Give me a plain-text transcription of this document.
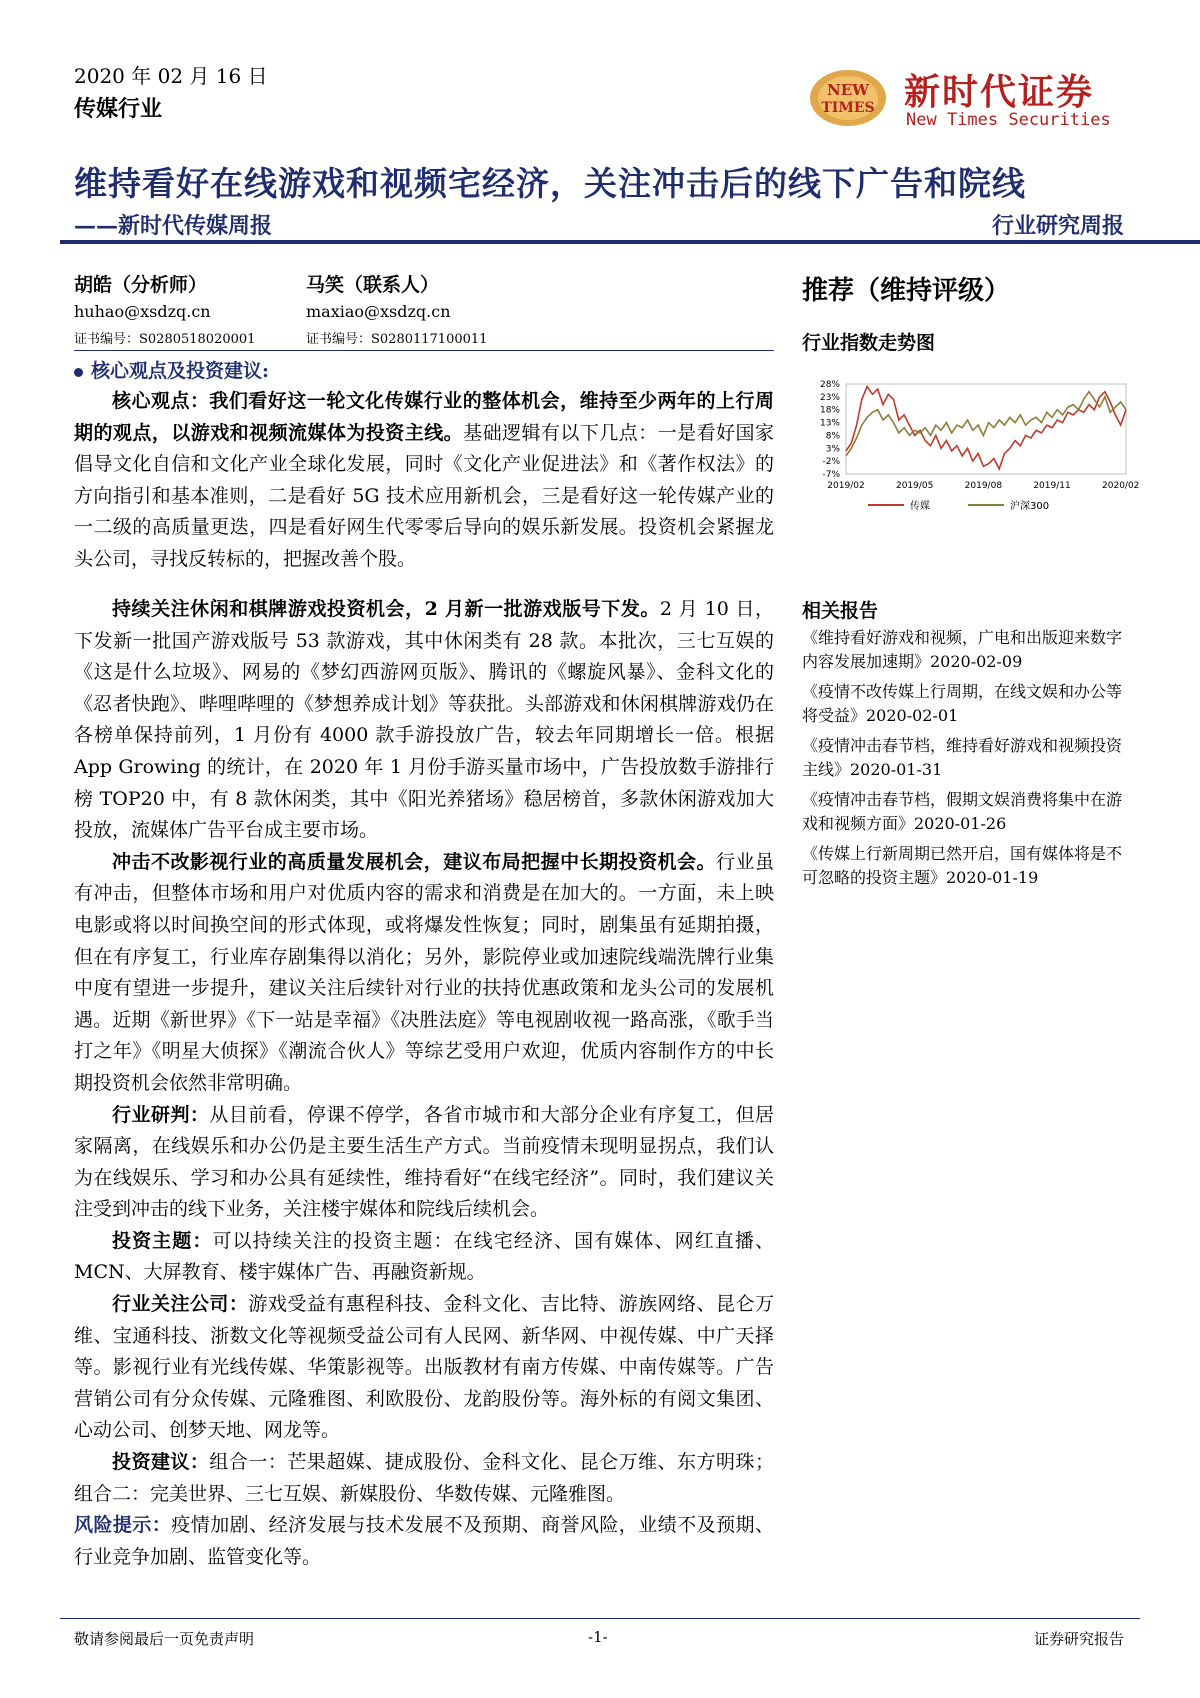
2020 年 02 月 16 日
传媒行业
NEW
TIMES 新时代证券
New Times Securities
维持看好在线游戏和视频宅经济，关注冲击后的线下广告和院线
——新时代传媒周报	行业研究周报
胡皓（分析师）
huhao@xsdzq.cn
证书编号：S0280518020001
马笑（联系人）
maxiao@xsdzq.cn
证书编号：S0280117100011
核心观点及投资建议:

核心观点：我们看好这一轮文化传媒行业的整体机会，维持至少两年的上行周期的观点，以游戏和视频流媒体为投资主线。基础逻辑有以下几点：一是看好国家倡导文化自信和文化产业全球化发展，同时《文化产业促进法》和《著作权法》的方向指引和基本准则，二是看好 5G 技术应用新机会，三是看好这一轮传媒产业的一二级的高质量更迭，四是看好网生代零零后导向的娱乐新发展。投资机会紧握龙头公司，寻找反转标的，把握改善个股。

持续关注休闲和棋牌游戏投资机会，2 月新一批游戏版号下发。2 月 10 日，下发新一批国产游戏版号 53 款游戏，其中休闲类有 28 款。本批次，三七互娱的《这是什么垃圾》、网易的《梦幻西游网页版》、腾讯的《螺旋风暴》、金科文化的《忍者快跑》、哔哩哔哩的《梦想养成计划》等获批。头部游戏和休闲棋牌游戏仍在各榜单保持前列，1 月份有 4000 款手游投放广告，较去年同期增长一倍。根据 App Growing 的统计，在 2020 年 1 月份手游买量市场中，广告投放数手游排行榜 TOP20 中，有 8 款休闲类，其中《阳光养猪场》稳居榜首，多款休闲游戏加大投放，流媒体广告平台成主要市场。

冲击不改影视行业的高质量发展机会，建议布局把握中长期投资机会。行业虽有冲击，但整体市场和用户对优质内容的需求和消费是在加大的。一方面，未上映电影或将以时间换空间的形式体现，或将爆发性恢复；同时，剧集虽有延期拍摄，但在有序复工，行业库存剧集得以消化；另外，影院停业或加速院线端洗牌行业集中度有望进一步提升，建议关注后续针对行业的扶持优惠政策和龙头公司的发展机遇。近期《新世界》《下一站是幸福》《决胜法庭》等电视剧收视一路高涨，《歌手当打之年》《明星大侦探》《潮流合伙人》等综艺受用户欢迎，优质内容制作方的中长期投资机会依然非常明确。

行业研判：从目前看，停课不停学，各省市城市和大部分企业有序复工，但居家隔离，在线娱乐和办公仍是主要生活生产方式。当前疫情未现明显拐点，我们认为在线娱乐、学习和办公具有延续性，维持看好“在线宅经济”。同时，我们建议关注受到冲击的线下业务，关注楼宇媒体和院线后续机会。

投资主题：可以持续关注的投资主题：在线宅经济、国有媒体、网红直播、MCN、大屏教育、楼宇媒体广告、再融资新规。

行业关注公司：游戏受益有惠程科技、金科文化、吉比特、游族网络、昆仑万维、宝通科技、浙数文化等视频受益公司有人民网、新华网、中视传媒、中广天择等。影视行业有光线传媒、华策影视等。出版教材有南方传媒、中南传媒等。广告营销公司有分众传媒、元隆雅图、利欧股份、龙韵股份等。海外标的有阅文集团、心动公司、创梦天地、网龙等。

投资建议：组合一：芒果超媒、捷成股份、金科文化、昆仑万维、东方明珠；组合二：完美世界、三七互娱、新媒股份、华数传媒、元隆雅图。

风险提示：疫情加剧、经济发展与技术发展不及预期、商誉风险，业绩不及预期、行业竞争加剧、监管变化等。

推荐（维持评级）
行业指数走势图
28%
23%
18%
13%
8%
3%
-2%
-7%
2019/02	2019/05	2019/08	2019/11	2020/02
传媒	沪深300
相关报告
《维持看好游戏和视频，广电和出版迎来数字内容发展加速期》2020-02-09
《疫情不改传媒上行周期，在线文娱和办公等将受益》2020-02-01
《疫情冲击春节档，维持看好游戏和视频投资主线》2020-01-31
《疫情冲击春节档，假期文娱消费将集中在游戏和视频方面》2020-01-26
《传媒上行新周期已然开启，国有媒体将是不可忽略的投资主题》2020-01-19
敬请参阅最后一页免责声明	-1-	证券研究报告
